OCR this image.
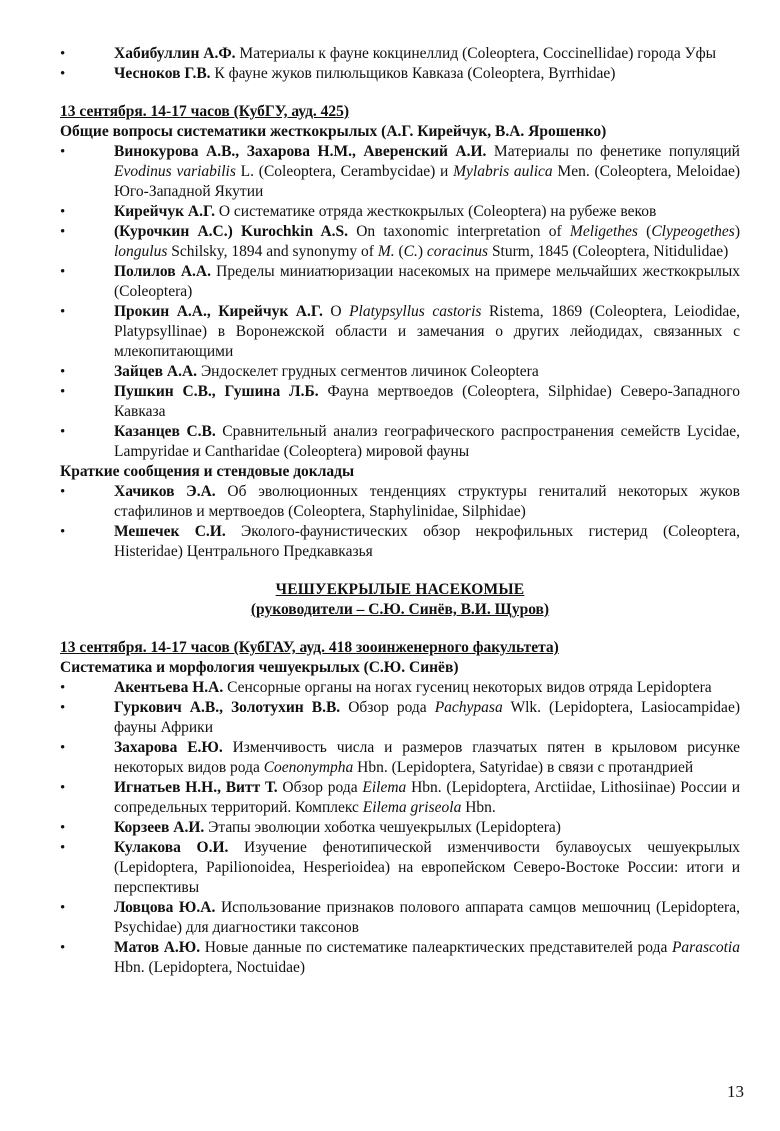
•	Хабибуллин А.Ф. Материалы к фауне кокцинеллид (Coleoptera, Coccinellidae) города Уфы
•	Чесноков Г.В. К фауне жуков пилюльщиков Кавказа (Coleoptera, Byrrhidae)
13 сентября. 14-17 часов (КубГУ, ауд. 425)
Общие вопросы систематики жесткокрылых (А.Г. Кирейчук, В.А. Ярошенко)
•	Винокурова А.В., Захарова Н.М., Аверенский А.И. Материалы по фенетике популяций Evodinus variabilis L. (Coleoptera, Cerambycidae) и Mylabris aulica Men. (Coleoptera, Meloidae) Юго-Западной Якутии
•	Кирейчук А.Г. О систематике отряда жесткокрылых (Coleoptera) на рубеже веков
•	(Курочкин А.С.) Kurochkin A.S. On taxonomic interpretation of Meligethes (Clypeogethes) longulus Schilsky, 1894 and synonymy of M. (C.) coracinus Sturm, 1845 (Coleoptera, Nitidulidae)
•	Полилов А.А. Пределы миниатюризации насекомых на примере мельчайших жесткокрылых (Coleoptera)
•	Прокин А.А., Кирейчук А.Г. О Platypsyllus castoris Ristema, 1869 (Coleoptera, Leiodidae, Platypsyllinae) в Воронежской области и замечания о других лейодидах, связанных с млекопитающими
•	Зайцев А.А. Эндоскелет грудных сегментов личинок Coleoptera
•	Пушкин С.В., Гушина Л.Б. Фауна мертвоедов (Coleoptera, Silphidae) Северо-Западного Кавказа
•	Казанцев С.В. Сравнительный анализ географического распространения семейств Lycidae, Lampyridae и Cantharidae (Coleoptera) мировой фауны
Краткие сообщения и стендовые доклады
•	Хачиков Э.А. Об эволюционных тенденциях структуры гениталий некоторых жуков стафилинов и мертвоедов (Coleoptera, Staphylinidae, Silphidae)
•	Мешечек С.И. Эколого-фаунистических обзор некрофильных гистерид (Coleoptera, Histeridae) Центрального Предкавказья
ЧЕШУЕКРЫЛЫЕ НАСЕКОМЫЕ
(руководители – С.Ю. Синёв, В.И. Щуров)
13 сентября. 14-17 часов (КубГАУ, ауд. 418 зооинженерного факультета)
Систематика и морфология чешуекрылых (С.Ю. Синёв)
•	Акентьева Н.А. Сенсорные органы на ногах гусениц некоторых видов отряда Lepidoptera
•	Гуркович А.В., Золотухин В.В. Обзор рода Pachypasa Wlk. (Lepidoptera, Lasiocampidae) фауны Африки
•	Захарова Е.Ю. Изменчивость числа и размеров глазчатых пятен в крыловом рисунке некоторых видов рода Coenonympha Hbn. (Lepidoptera, Satyridae) в связи с протандрией
•	Игнатьев Н.Н., Витт Т. Обзор рода Eilema Hbn. (Lepidoptera, Arctiidae, Lithosiinae) России и сопредельных территорий. Комплекс Eilema griseola Hbn.
•	Корзеев А.И. Этапы эволюции хоботка чешуекрылых (Lepidoptera)
•	Кулакова О.И. Изучение фенотипической изменчивости булавоусых чешуекрылых (Lepidoptera, Papilionoidea, Hesperioidea) на европейском Северо-Востоке России: итоги и перспективы
•	Ловцова Ю.А. Использование признаков полового аппарата самцов мешочниц (Lepidoptera, Psychidae) для диагностики таксонов
•	Матов А.Ю. Новые данные по систематике палеарктических представителей рода Parascotia Hbn. (Lepidoptera, Noctuidae)
13
